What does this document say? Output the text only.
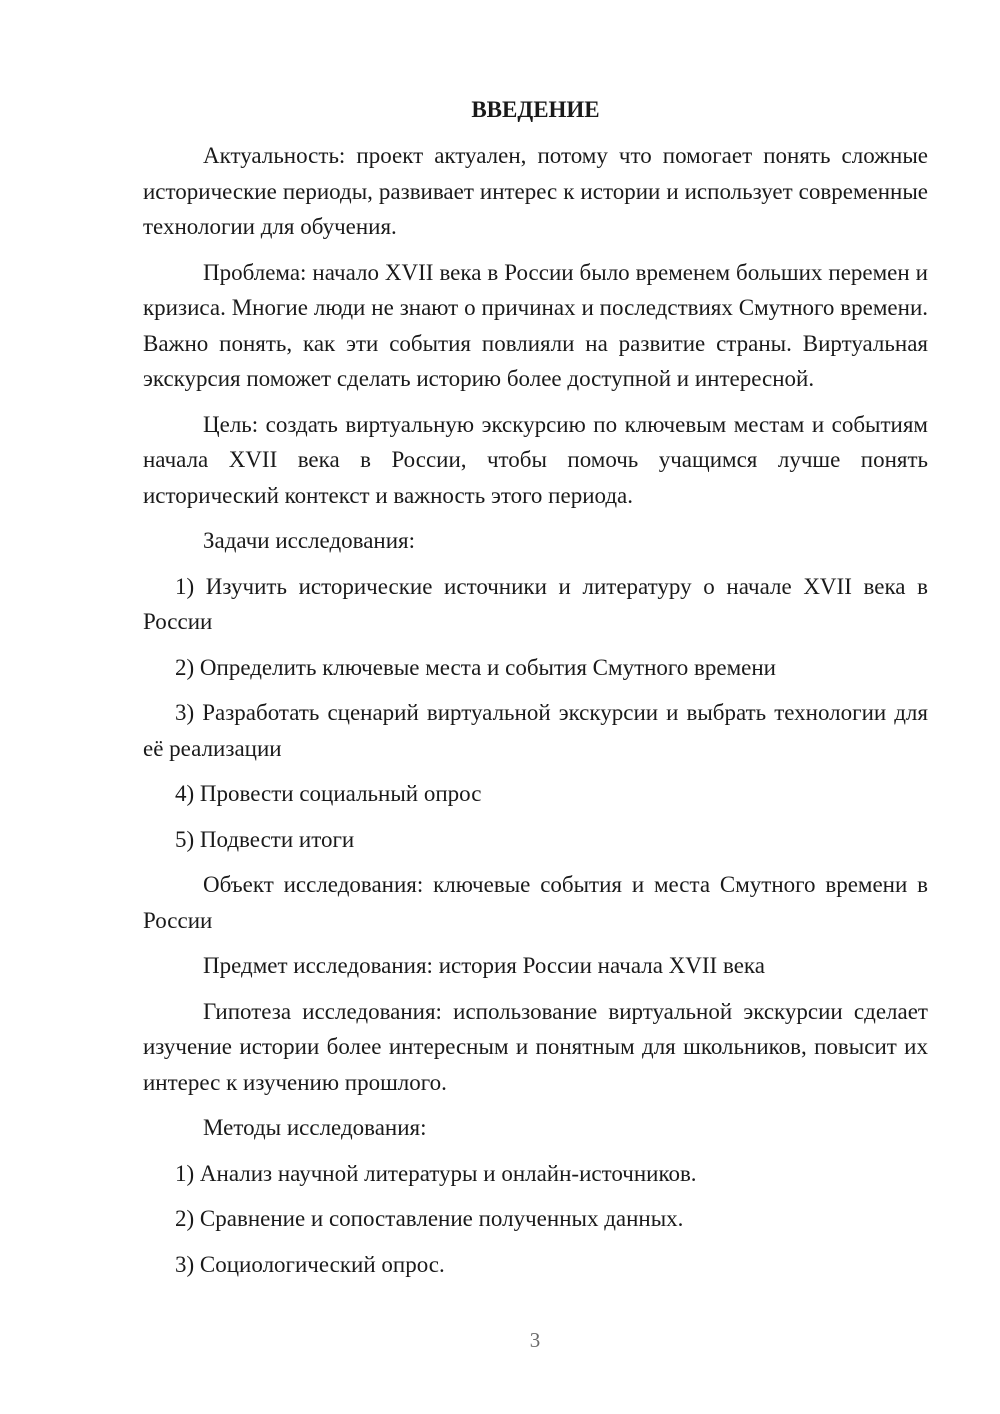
ВВЕДЕНИЕ

Актуальность: проект актуален, потому что помогает понять сложные исторические периоды, развивает интерес к истории и использует современные технологии для обучения.

Проблема: начало XVII века в России было временем больших перемен и кризиса. Многие люди не знают о причинах и последствиях Смутного времени. Важно понять, как эти события повлияли на развитие страны. Виртуальная экскурсия поможет сделать историю более доступной и интересной.

Цель: создать виртуальную экскурсию по ключевым местам и событиям начала XVII века в России, чтобы помочь учащимся лучше понять исторический контекст и важность этого периода.

Задачи исследования:

1) Изучить исторические источники и литературу о начале XVII века в России

2) Определить ключевые места и события Смутного времени

3) Разработать сценарий виртуальной экскурсии и выбрать технологии для её реализации

4) Провести социальный опрос

5) Подвести итоги

Объект исследования: ключевые события и места Смутного времени в России

Предмет исследования: история России начала XVII века

Гипотеза исследования: использование виртуальной экскурсии сделает изучение истории более интересным и понятным для школьников, повысит их интерес к изучению прошлого.

Методы исследования:

1) Анализ научной литературы и онлайн-источников.

2) Сравнение и сопоставление полученных данных.

3) Социологический опрос.

3
